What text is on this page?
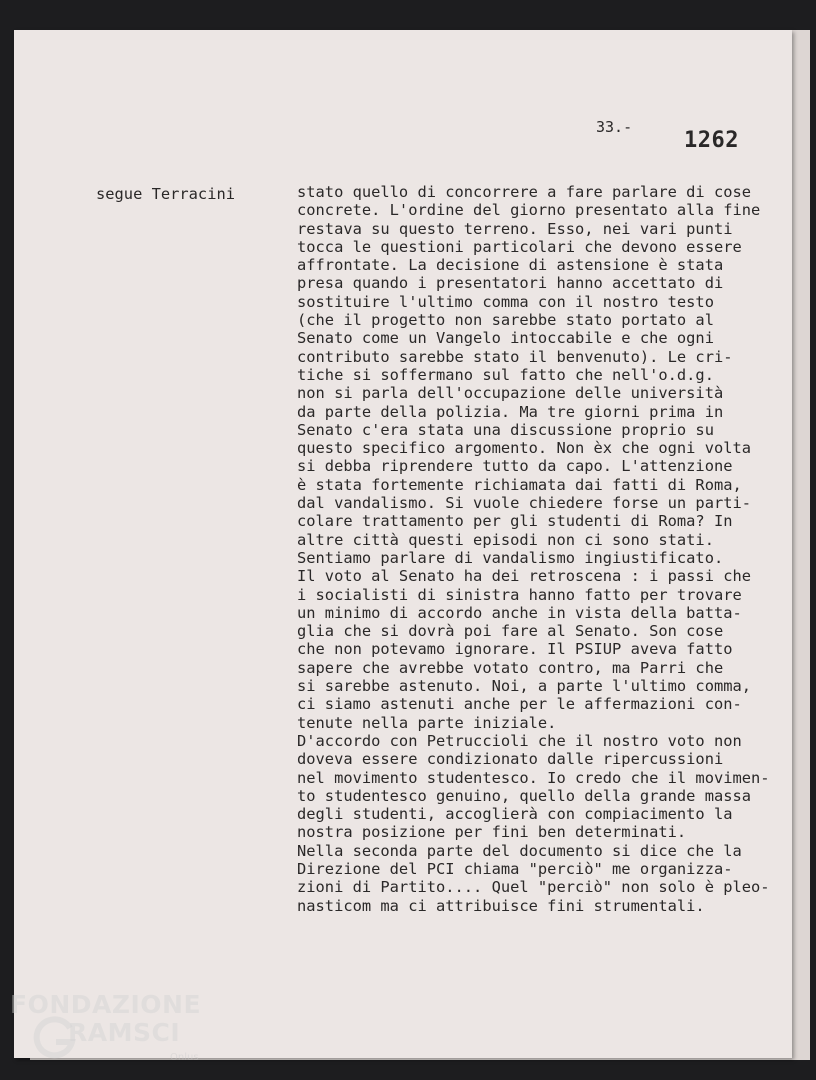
33.-
1262
segue Terracini	stato quello di concorrere a fare parlare di cose
concrete. L'ordine del giorno presentato alla fine
restava su questo terreno. Esso, nei vari punti
tocca le questioni particolari che devono essere
affrontate. La decisione di astensione è stata
presa quando i presentatori hanno accettato di
sostituire l'ultimo comma con il nostro testo
(che il progetto non sarebbe stato portato al
Senato come un Vangelo intoccabile e che ogni
contributo sarebbe stato il benvenuto). Le cri-
tiche si soffermano sul fatto che nell'o.d.g.
non si parla dell'occupazione delle università
da parte della polizia. Ma tre giorni prima in
Senato c'era stata una discussione proprio su
questo specifico argomento. Non èx che ogni volta
si debba riprendere tutto da capo. L'attenzione
è stata fortemente richiamata dai fatti di Roma,
dal vandalismo. Si vuole chiedere forse un parti-
colare trattamento per gli studenti di Roma? In
altre città questi episodi non ci sono stati.
Sentiamo parlare di vandalismo ingiustificato.
Il voto al Senato ha dei retroscena : i passi che
i socialisti di sinistra hanno fatto per trovare
un minimo di accordo anche in vista della batta-
glia che si dovrà poi fare al Senato. Son cose
che non potevamo ignorare. Il PSIUP aveva fatto
sapere che avrebbe votato contro, ma Parri che
si sarebbe astenuto. Noi, a parte l'ultimo comma,
ci siamo astenuti anche per le affermazioni con-
tenute nella parte iniziale.
D'accordo con Petruccioli che il nostro voto non
doveva essere condizionato dalle ripercussioni
nel movimento studentesco. Io credo che il movimen-
to studentesco genuino, quello della grande massa
degli studenti, accoglierà con compiacimento la
nostra posizione per fini ben determinati.
Nella seconda parte del documento si dice che la
Direzione del PCI chiama "perciò" me organizza-
zioni di Partito.... Quel "perciò" non solo è pleo-
nasticom ma ci attribuisce fini strumentali.
FONDAZIONE
RAMSCI
Onlus
